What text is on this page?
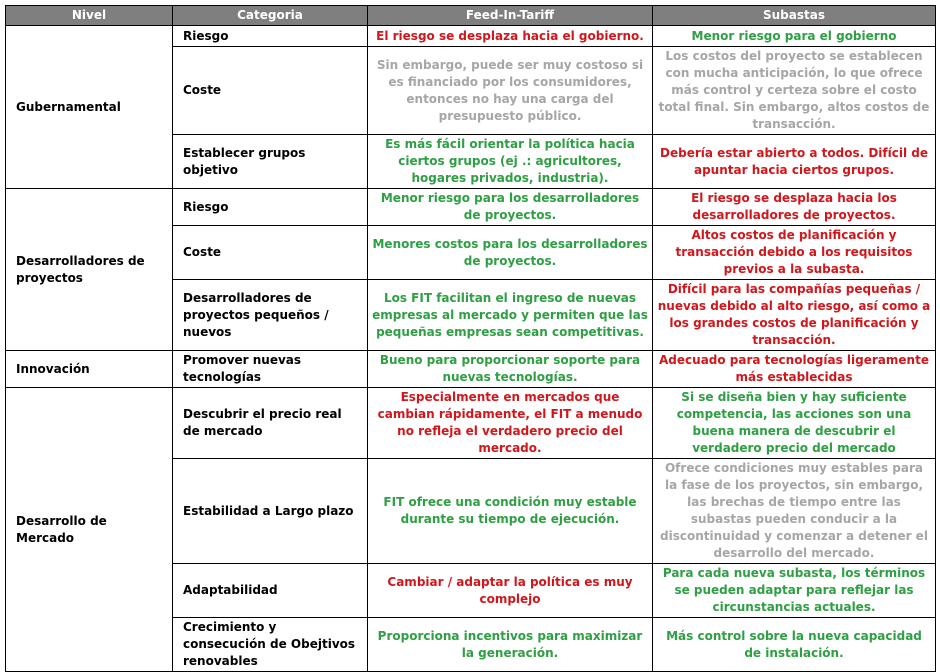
Nivel	Categoria	Feed-In-Tariff	Subastas
Gubernamental	Riesgo	El riesgo se desplaza hacia el gobierno.	Menor riesgo para el gobierno
	Coste	Sin embargo, puede ser muy costoso si es financiado por los consumidores, entonces no hay una carga del presupuesto público.	Los costos del proyecto se establecen con mucha anticipación, lo que ofrece más control y certeza sobre el costo total final. Sin embargo, altos costos de transacción.
	Establecer grupos objetivo	Es más fácil orientar la política hacia ciertos grupos (ej .: agricultores, hogares privados, industria).	Debería estar abierto a todos. Difícil de apuntar hacia ciertos grupos.
Desarrolladores de proyectos	Riesgo	Menor riesgo para los desarrolladores de proyectos.	El riesgo se desplaza hacia los desarrolladores de proyectos.
	Coste	Menores costos para los desarrolladores de proyectos.	Altos costos de planificación y transacción debido a los requisitos previos a la subasta.
	Desarrolladores de proyectos pequeños / nuevos	Los FIT facilitan el ingreso de nuevas empresas al mercado y permiten que las pequeñas empresas sean competitivas.	Difícil para las compañías pequeñas / nuevas debido al alto riesgo, así como a los grandes costos de planificación y transacción.
Innovación	Promover nuevas tecnologías	Bueno para proporcionar soporte para nuevas tecnologías.	Adecuado para tecnologías ligeramente más establecidas
Desarrollo de Mercado	Descubrir el precio real de mercado	Especialmente en mercados que cambian rápidamente, el FIT a menudo no refleja el verdadero precio del mercado.	Si se diseña bien y hay suficiente competencia, las acciones son una buena manera de descubrir el verdadero precio del mercado
	Estabilidad a Largo plazo	FIT ofrece una condición muy estable durante su tiempo de ejecución.	Ofrece condiciones muy estables para la fase de los proyectos, sin embargo, las brechas de tiempo entre las subastas pueden conducir a la discontinuidad y comenzar a detener el desarrollo del mercado.
	Adaptabilidad	Cambiar / adaptar la política es muy complejo	Para cada nueva subasta, los términos se pueden adaptar para reflejar las circunstancias actuales.
	Crecimiento y consecución de Obejtivos renovables	Proporciona incentivos para maximizar la generación.	Más control sobre la nueva capacidad de instalación.
